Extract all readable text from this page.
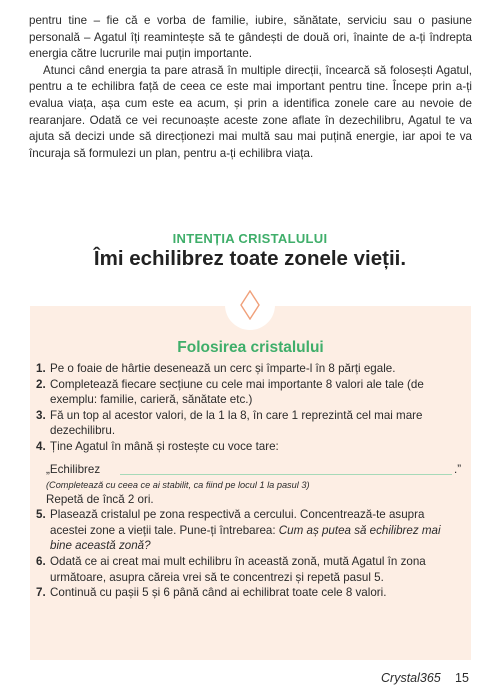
pentru tine – fie că e vorba de familie, iubire, sănătate, serviciu sau o pasiune personală – Agatul îți reamintește să te gândești de două ori, înainte de a-ți îndrepta energia către lucrurile mai puțin importante.

Atunci când energia ta pare atrasă în multiple direcții, încearcă să folosești Agatul, pentru a te echilibra față de ceea ce este mai important pentru tine. Începe prin a-ți evalua viața, așa cum este ea acum, și prin a identifica zonele care au nevoie de rearanjare. Odată ce vei recunoaște aceste zone aflate în dezechilibru, Agatul te va ajuta să decizi unde să direcționezi mai multă sau mai puțină energie, iar apoi te va încuraja să formulezi un plan, pentru a-ți echilibra viața.

INTENȚIA CRISTALULUI
Îmi echilibrez toate zonele vieții.
Folosirea cristalului
1. Pe o foaie de hârtie desenează un cerc și împarte-l în 8 părți egale.
2. Completează fiecare secțiune cu cele mai importante 8 valori ale tale (de exemplu: familie, carieră, sănătate etc.)
3. Fă un top al acestor valori, de la 1 la 8, în care 1 reprezintă cel mai mare dezechilibru.
4. Ține Agatul în mână și rostește cu voce tare:
„Echilibrez	.”
(Completează cu ceea ce ai stabilit, ca fiind pe locul 1 la pasul 3)
Repetă de încă 2 ori.
5. Plasează cristalul pe zona respectivă a cercului. Concentrează-te asupra acestei zone a vieții tale. Pune-ți întrebarea: Cum aș putea să echilibrez mai bine această zonă?
6. Odată ce ai creat mai mult echilibru în această zonă, mută Agatul în zona următoare, asupra căreia vrei să te concentrezi și repetă pasul 5.
7. Continuă cu pașii 5 și 6 până când ai echilibrat toate cele 8 valori.
Crystal365 15
